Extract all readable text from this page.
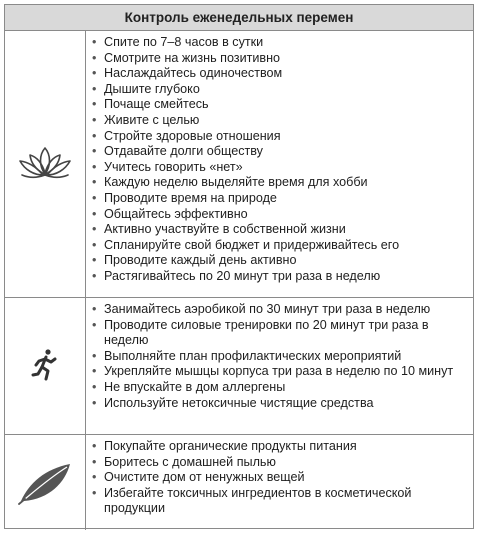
Контроль еженедельных перемен
• Спите по 7–8 часов в сутки
• Смотрите на жизнь позитивно
• Наслаждайтесь одиночеством
• Дышите глубоко
• Почаще смейтесь
• Живите с целью
• Стройте здоровые отношения
• Отдавайте долги обществу
• Учитесь говорить «нет»
• Каждую неделю выделяйте время для хобби
• Проводите время на природе
• Общайтесь эффективно
• Активно участвуйте в собственной жизни
• Спланируйте свой бюджет и придерживайтесь его
• Проводите каждый день активно
• Растягивайтесь по 20 минут три раза в неделю
• Занимайтесь аэробикой по 30 минут три раза в неделю
• Проводите силовые тренировки по 20 минут три раза в неделю
• Выполняйте план профилактических мероприятий
• Укрепляйте мышцы корпуса три раза в неделю по 10 минут
• Не впускайте в дом аллергены
• Используйте нетоксичные чистящие средства
• Покупайте органические продукты питания
• Боритесь с домашней пылью
• Очистите дом от ненужных вещей
• Избегайте токсичных ингредиентов в косметической продукции
